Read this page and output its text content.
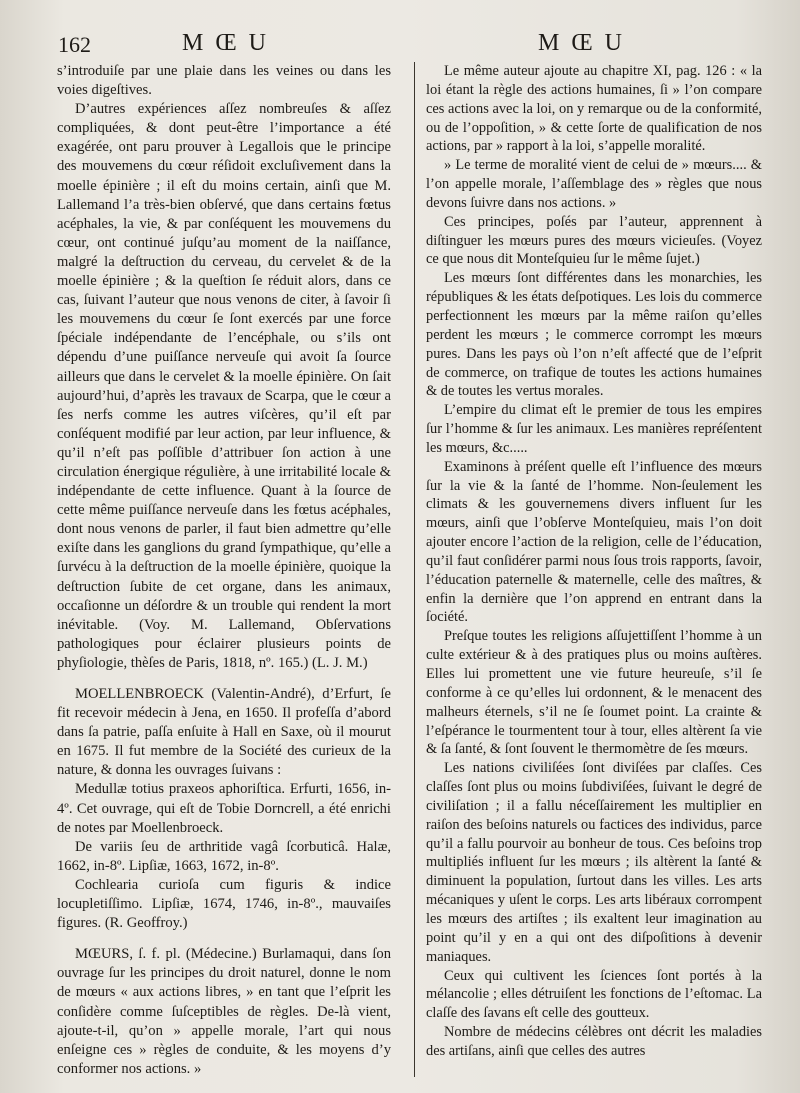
162	M Œ U	M Œ U

s’introduiſe par une plaie dans les veines ou dans les voies digeſtives.

D’autres expériences aſſez nombreuſes & aſſez compliquées, & dont peut-être l’importance a été exagérée, ont paru prouver à Legallois que le principe des mouvemens du cœur réſidoit excluſivement dans la moelle épinière ; il eſt du moins certain, ainſi que M. Lallemand l’a très-bien obſervé, que dans certains fœtus acéphales, la vie, & par conſéquent les mouvemens du cœur, ont continué juſqu’au moment de la naiſſance, malgré la deſtruction du cerveau, du cervelet & de la moelle épinière ; & la queſtion ſe réduit alors, dans ce cas, ſuivant l’auteur que nous venons de citer, à ſavoir ſi les mouvemens du cœur ſe ſont exercés par une force ſpéciale indépendante de l’encéphale, ou s’ils ont dépendu d’une puiſſance nerveuſe qui avoit ſa ſource ailleurs que dans le cervelet & la moelle épinière. On ſait aujourd’hui, d’après les travaux de Scarpa, que le cœur a ſes nerfs comme les autres viſcères, qu’il eſt par conſéquent modifié par leur action, par leur influence, & qu’il n’eſt pas poſſible d’attribuer ſon action à une circulation énergique régulière, à une irritabilité locale & indépendante de cette influence. Quant à la ſource de cette même puiſſance nerveuſe dans les fœtus acéphales, dont nous venons de parler, il faut bien admettre qu’elle exiſte dans les ganglions du grand ſympathique, qu’elle a ſurvécu à la deſtruction de la moelle épinière, quoique la deſtruction ſubite de cet organe, dans les animaux, occaſionne un déſordre & un trouble qui rendent la mort inévitable. (Voy. M. Lallemand, Obſervations pathologiques pour éclairer plusieurs points de phyſiologie, thèſes de Paris, 1818, nº. 165.) (L. J. M.)

MOELLENBROECK (Valentin-André), d’Erfurt, ſe fit recevoir médecin à Jena, en 1650. Il profeſſa d’abord dans ſa patrie, paſſa enſuite à Hall en Saxe, où il mourut en 1675. Il fut membre de la Société des curieux de la nature, & donna les ouvrages ſuivans :

Medullæ totius praxeos aphoriſtica. Erfurti, 1656, in-4º. Cet ouvrage, qui eſt de Tobie Dorncrell, a été enrichi de notes par Moellenbroeck.

De variis ſeu de arthritide vagâ ſcorbuticâ. Halæ, 1662, in-8º. Lipſiæ, 1663, 1672, in-8º.

Cochlearia curioſa cum figuris & indice locupletiſſimo. Lipſiæ, 1674, 1746, in-8º., mauvaiſes figures. (R. Geoffroy.)

MŒURS, ſ. f. pl. (Médecine.) Burlamaqui, dans ſon ouvrage ſur les principes du droit naturel, donne le nom de mœurs « aux actions libres, » en tant que l’eſprit les conſidère comme ſuſceptibles de règles. De-là vient, ajoute-t-il, qu’on » appelle morale, l’art qui nous enſeigne ces » règles de conduite, & les moyens d’y conformer nos actions. »

Le même auteur ajoute au chapitre XI, pag. 126 : « la loi étant la règle des actions humaines, ſi » l’on compare ces actions avec la loi, on y remarque ou de la conformité, ou de l’oppoſition, » & cette ſorte de qualification de nos actions, par » rapport à la loi, s’appelle moralité.

» Le terme de moralité vient de celui de » mœurs.... & l’on appelle morale, l’aſſemblage des » règles que nous devons ſuivre dans nos actions. »

Ces principes, poſés par l’auteur, apprennent à diſtinguer les mœurs pures des mœurs vicieuſes. (Voyez ce que nous dit Monteſquieu ſur le même ſujet.)

Les mœurs ſont différentes dans les monarchies, les républiques & les états deſpotiques. Les lois du commerce perfectionnent les mœurs par la même raiſon qu’elles perdent les mœurs ; le commerce corrompt les mœurs pures. Dans les pays où l’on n’eſt affecté que de l’eſprit de commerce, on trafique de toutes les actions humaines & de toutes les vertus morales.

L’empire du climat eſt le premier de tous les empires ſur l’homme & ſur les animaux. Les manières repréſentent les mœurs, &c.....

Examinons à préſent quelle eſt l’influence des mœurs ſur la vie & la ſanté de l’homme. Non-ſeulement les climats & les gouvernemens divers influent ſur les mœurs, ainſi que l’obſerve Monteſquieu, mais l’on doit ajouter encore l’action de la religion, celle de l’éducation, qu’il faut conſidérer parmi nous ſous trois rapports, ſavoir, l’éducation paternelle & maternelle, celle des maîtres, & enfin la dernière que l’on apprend en entrant dans la ſociété.

Preſque toutes les religions aſſujettiſſent l’homme à un culte extérieur & à des pratiques plus ou moins auſtères. Elles lui promettent une vie future heureuſe, s’il ſe conforme à ce qu’elles lui ordonnent, & le menacent des malheurs éternels, s’il ne ſe ſoumet point. La crainte & l’eſpérance le tourmentent tour à tour, elles altèrent ſa vie & ſa ſanté, & ſont ſouvent le thermomètre de ſes mœurs.

Les nations civiliſées ſont diviſées par claſſes. Ces claſſes ſont plus ou moins ſubdiviſées, ſuivant le degré de civiliſation ; il a fallu néceſſairement les multiplier en raiſon des beſoins naturels ou factices des individus, parce qu’il a fallu pourvoir au bonheur de tous. Ces beſoins trop multipliés influent ſur les mœurs ; ils altèrent la ſanté & diminuent la population, ſurtout dans les villes. Les arts mécaniques y uſent le corps. Les arts libéraux corrompent les mœurs des artiſtes ; ils exaltent leur imagination au point qu’il y en a qui ont des diſpoſitions à devenir maniaques.

Ceux qui cultivent les ſciences ſont portés à la mélancolie ; elles détruiſent les fonctions de l’eſtomac. La claſſe des ſavans eſt celle des goutteux.

Nombre de médecins célèbres ont décrit les maladies des artiſans, ainſi que celles des autres
